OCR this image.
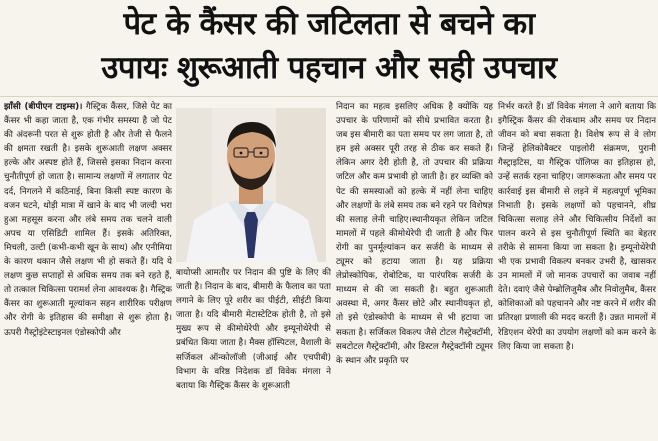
पेट के कैंसर की जटिलता से बचने का
उपायः शुरूआती पहचान और सही उपचार

झाँसी (बीपीएन टाइम्स)। गैस्ट्रिक कैंसर, जिसे पेट का कैंसर भी कहा जाता है, एक गंभीर समस्या है जो पेट की अंदरूनी परत से शुरू होती है और तेजी से फैलने की क्षमता रखती है। इसके शुरूआती लक्षण अक्सर हल्के और अस्पष्ट होते हैं, जिससे इसका निदान करना चुनौतीपूर्ण हो जाता है। सामान्य लक्षणों में लगातार पेट दर्द, निगलने में कठिनाई, बिना किसी स्पष्ट कारण के वजन घटने, थोड़ी मात्रा में खाने के बाद भी जल्दी भरा हुआ महसूस करना और लंबे समय तक चलने वाली अपच या एसिडिटी शामिल हैं। इसके अतिरिक्त, मिचली, उल्टी (कभी-कभी खून के साथ) और एनीमिया के कारण थकान जैसे लक्षण भी हो सकते हैं। यदि ये लक्षण कुछ सप्ताहों से अधिक समय तक बने रहते हैं, तो तत्काल चिकित्सा परामर्श लेना आवश्यक है। गैस्ट्रिक कैंसर का शुरूआती मूल्यांकन सहन शारीरिक परीक्षण और रोगी के इतिहास की समीक्षा से शुरू होता है। ऊपरी गैस्ट्रोइंटेस्टाइनल एंडोस्कोपी और

बायोप्सी आमतौर पर निदान की पुष्टि के लिए की जाती है। निदान के बाद, बीमारी के फैलाव का पता लगाने के लिए पूरे शरीर का पीईटी, सीईटी किया जाता है। यदि बीमारी मेटास्टेटिक होती है, तो इसे मुख्य रूप से कीमोथेरेपी और इम्यूनोथेरेपी से प्रबंधित किया जाता है। मैक्स हॉस्पिटल, वैशाली के सर्जिकल ऑन्कोलॉजी (जीआई और एचपीबी) विभाग के वरिष्ठ निदेशक डॉ विवेक मंगला ने बताया कि गैस्ट्रिक कैंसर के शुरूआती

निदान का महत्व इसलिए अधिक है क्योंकि यह उपचार के परिणामों को सीधे प्रभावित करता है। जब इस बीमारी का पता समय पर लग जाता है, तो हम इसे अक्सर पूरी तरह से ठीक कर सकते हैं। लेकिन अगर देरी होती है, तो उपचार की प्रक्रिया जटिल और कम प्रभावी हो जाती है। हर व्यक्ति को पेट की समस्याओं को हल्के में नहीं लेना चाहिए और लक्षणों के लंबे समय तक बने रहने पर विशेषज्ञ की सलाह लेनी चाहिए।स्थानीयकृत लेकिन जटिल मामलों में पहले कीमोथेरेपी दी जाती है और फिर रोगी का पुनर्मूल्यांकन कर सर्जरी के माध्यम से ट्यूमर को हटाया जाता है। यह प्रक्रिया लेप्रोस्कोपिक, रोबोटिक, या पारंपरिक सर्जरी के माध्यम से की जा सकती है। बहुत शुरूआती अवस्था में, अगर कैंसर छोटे और स्थानीयकृत हो, तो इसे एंडोस्कोपी के माध्यम से भी हटाया जा सकता है। सर्जिकल विकल्प जैसे टोटल गैस्ट्रेक्टॉमी, सबटोटल गैस्ट्रेक्टॉमी, और डिस्टल गैस्ट्रेक्टॉमी ट्यूमर के स्थान और प्रकृति पर

निर्भर करते हैं। डॉ विवेक मंगला ने आगे बताया कि इगैस्ट्रिक कैंसर की रोकथाम और समय पर निदान जीवन को बचा सकता है। विशेष रूप से वे लोग जिन्हें हेलिकोबैक्टर पाइलोरी संक्रमण, पुरानी गैस्ट्राइटिस, या गैस्ट्रिक पॉलिप्स का इतिहास हो, उन्हें सतर्क रहना चाहिए। जागरूकता और समय पर कार्रवाई इस बीमारी से लड़ने में महत्वपूर्ण भूमिका निभाती है। इसके लक्षणों को पहचानने, शीघ्र चिकित्सा सलाह लेने और चिकित्सीय निर्देशों का पालन करने से इस चुनौतीपूर्ण स्थिति का बेहतर तरीके से सामना किया जा सकता है। इम्यूनोथेरेपी भी एक प्रभावी विकल्प बनकर उभरी है, खासकर उन मामलों में जो मानक उपचारों का जवाब नहीं देते। दवाएं जैसे पेम्ब्रोलिजुमैब और निवोलुमैब, कैंसर कोशिकाओं को पहचानने और नष्ट करने में शरीर की प्रतिरक्षा प्रणाली की मदद करती हैं। उन्नत मामलों में रेडिएशन थेरेपी का उपयोग लक्षणों को कम करने के लिए किया जा सकता है।
